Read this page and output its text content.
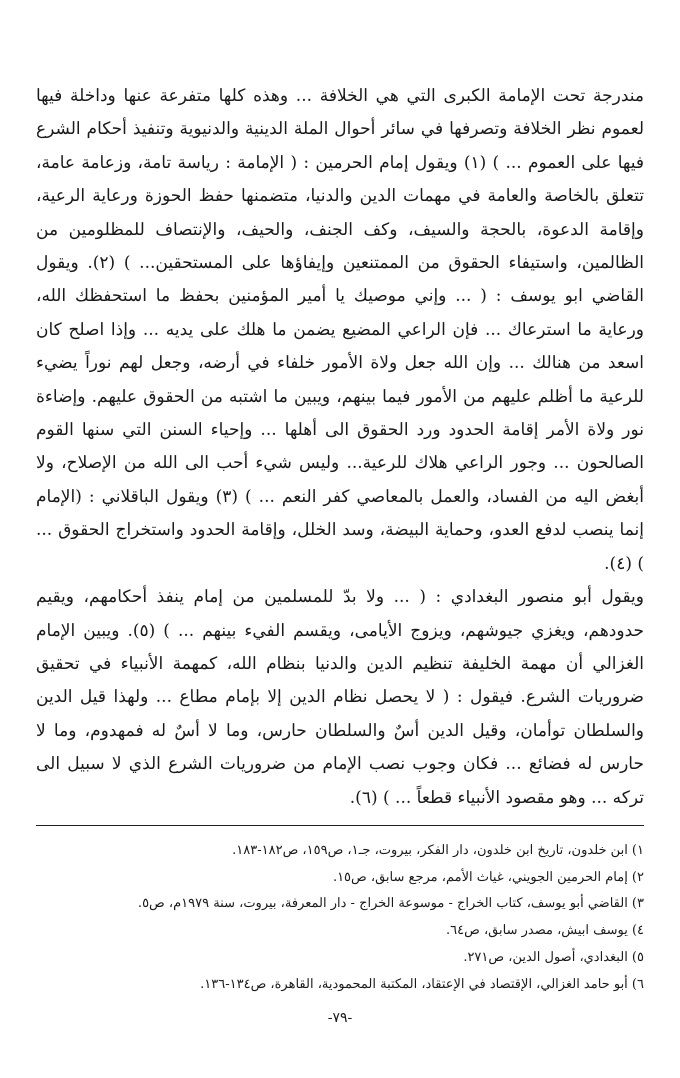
مندرجة تحت الإمامة الكبرى التي هي الخلافة ... وهذه كلها متفرعة عنها وداخلة فيها لعموم نظر الخلافة وتصرفها في سائر أحوال الملة الدينية والدنيوية وتنفيذ أحكام الشرع فيها على العموم ... ) (١) ويقول إمام الحرمين : ( الإمامة : رياسة تامة، وزعامة عامة، تتعلق بالخاصة والعامة في مهمات الدين والدنيا، متضمنها حفظ الحوزة ورعاية الرعية، وإقامة الدعوة، بالحجة والسيف، وكف الجنف، والحيف، والإنتصاف للمظلومين من الظالمين، واستيفاء الحقوق من الممتنعين وإيفاؤها على المستحقين... ) (٢). ويقول القاضي ابو يوسف : ( ... وإني موصيك يا أمير المؤمنين بحفظ ما استحفظك الله، ورعاية ما استرعاك ... فإن الراعي المضيع يضمن ما هلك على يديه ... وإذا اصلح كان اسعد من هنالك ... وإن الله جعل ولاة الأمور خلفاء في أرضه، وجعل لهم نوراً يضيء للرعية ما أظلم عليهم من الأمور فيما بينهم، ويبين ما اشتبه من الحقوق عليهم. وإضاءة نور ولاة الأمر إقامة الحدود ورد الحقوق الى أهلها ... وإحياء السنن التي سنها القوم الصالحون ... وجور الراعي هلاك للرعية... وليس شيء أحب الى الله من الإصلاح، ولا أبغض اليه من الفساد، والعمل بالمعاصي كفر النعم ... ) (٣) ويقول الباقلاني : (الإمام إنما ينصب لدفع العدو، وحماية البيضة، وسد الخلل، وإقامة الحدود واستخراج الحقوق ... ) (٤).

ويقول أبو منصور البغدادي : ( ... ولا بدّ للمسلمين من إمام ينفذ أحكامهم، ويقيم حدودهم، ويغزي جيوشهم، ويزوج الأيامى، ويقسم الفيء بينهم ... ) (٥). ويبين الإمام الغزالي أن مهمة الخليفة تنظيم الدين والدنيا بنظام الله، كمهمة الأنبياء في تحقيق ضروريات الشرع. فيقول : ( لا يحصل نظام الدين إلا بإمام مطاع ... ولهذا قيل الدين والسلطان توأمان، وقيل الدين أسٌ والسلطان حارس، وما لا أسٌ له فمهدوم، وما لا حارس له فضائع ... فكان وجوب نصب الإمام من ضروريات الشرع الذي لا سبيل الى تركه ... وهو مقصود الأنبياء قطعاً ... ) (٦).

١) ابن خلدون، تاريخ ابن خلدون، دار الفكر، بيروت، جـ١، ص١٥٩، ص١٨٢-١٨٣.
٢) إمام الحرمين الجويني، غياث الأمم، مرجع سابق، ص١٥.
٣) القاضي أبو يوسف، كتاب الخراج - موسوعة الخراج - دار المعرفة، بيروت، سنة ١٩٧٩م، ص٥.
٤) يوسف ابيش، مصدر سابق، ص٦٤.
٥) البغدادي، أصول الدين، ص٢٧١.
٦) أبو حامد الغزالي، الإقتصاد في الإعتقاد، المكتبة المحمودية، القاهرة، ص١٣٤-١٣٦.
-٧٩-
